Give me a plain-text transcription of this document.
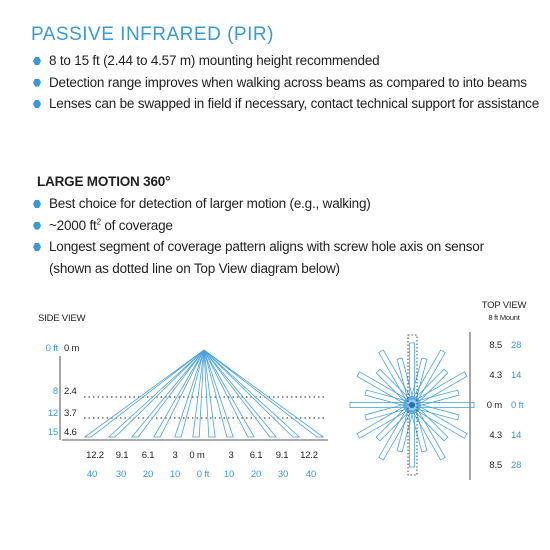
PASSIVE INFRARED (PIR)
8 to 15 ft (2.44 to 4.57 m) mounting height recommended
Detection range improves when walking across beams as compared to into beams
Lenses can be swapped in field if necessary, contact technical support for assistance
LARGE MOTION 360°
Best choice for detection of larger motion (e.g., walking)
~2000 $ft^2$ of coverage
Longest segment of coverage pattern aligns with screw hole axis on sensor
(shown as dotted line on Top View diagram below)
SIDE VIEW
0 ft
8
12
15
0 m
2.4
3.7
4.6
12.2	9.1	6.1	3	0 m	3	6.1	9.1	12.2
40	30	20	10	0 ft	10	20	30	40
TOP VIEW
8 ft Mount
8.5
4.3
0 m
4.3
8.5
28
14
0 ft
14
28
